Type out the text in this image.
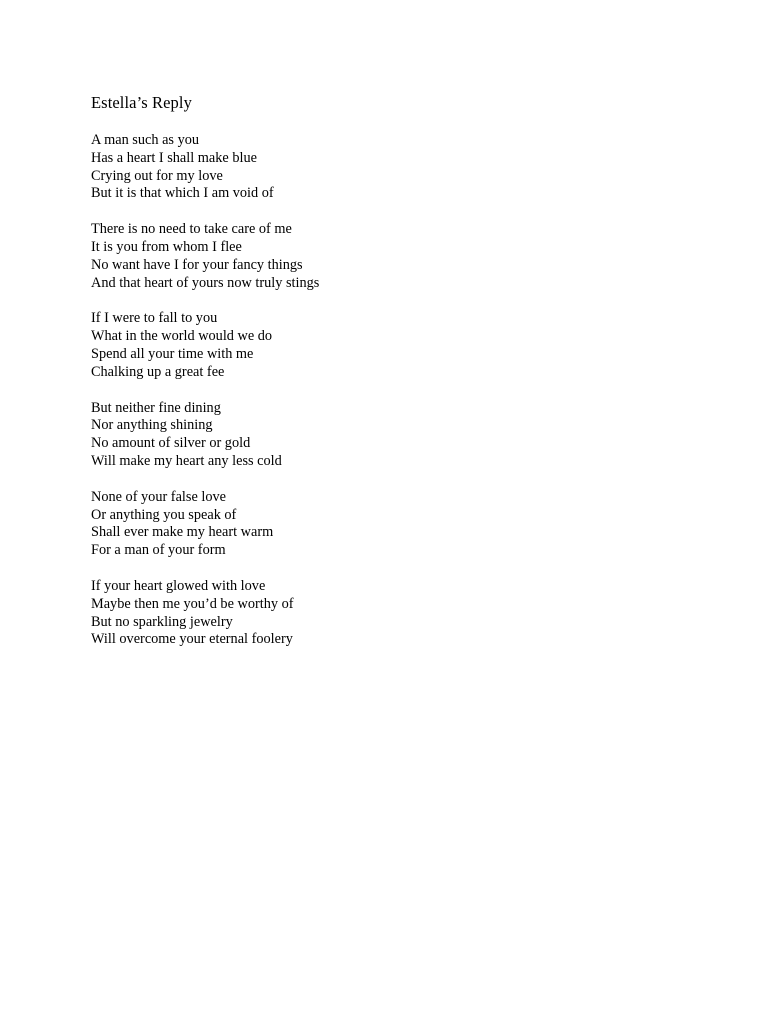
Estella’s Reply
A man such as you
Has a heart I shall make blue
Crying out for my love
But it is that which I am void of
There is no need to take care of me
It is you from whom I flee
No want have I for your fancy things
And that heart of yours now truly stings
If I were to fall to you
What in the world would we do
Spend all your time with me
Chalking up a great fee
But neither fine dining
Nor anything shining
No amount of silver or gold
Will make my heart any less cold
None of your false love
Or anything you speak of
Shall ever make my heart warm
For a man of your form
If your heart glowed with love
Maybe then me you’d be worthy of
But no sparkling jewelry
Will overcome your eternal foolery
